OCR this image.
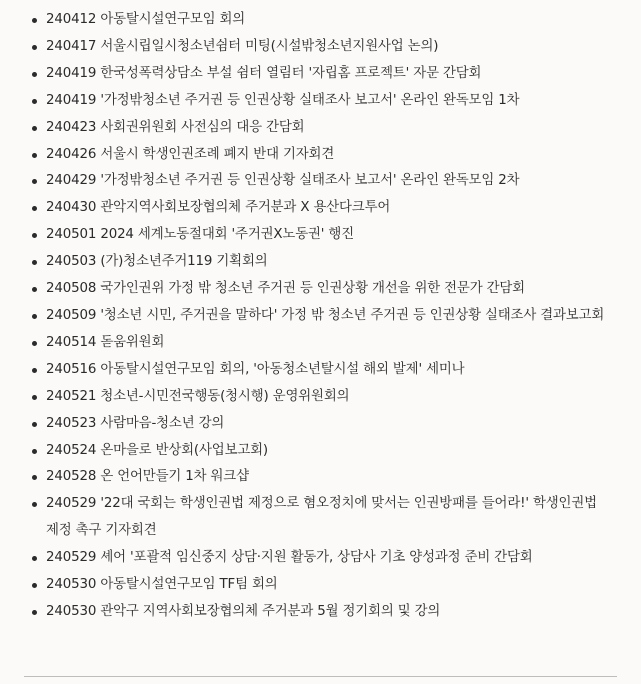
240412 아동탈시설연구모임 회의
240417 서울시립일시청소년쉼터 미팅(시설밖청소년지원사업 논의)
240419 한국성폭력상담소 부설 쉼터 열림터 '자립홈 프로젝트' 자문 간담회
240419 '가정밖청소년 주거권 등 인권상황 실태조사 보고서' 온라인 완독모임 1차
240423 사회권위원회 사전심의 대응 간담회
240426 서울시 학생인권조례 폐지 반대 기자회견
240429 '가정밖청소년 주거권 등 인권상황 실태조사 보고서' 온라인 완독모임 2차
240430 관악지역사회보장협의체 주거분과 X 용산다크투어
240501 2024 세계노동절대회 '주거권X노동권' 행진
240503 (가)청소년주거119 기획회의
240508 국가인권위 가정 밖 청소년 주거권 등 인권상황 개선을 위한 전문가 간담회
240509 '청소년 시민, 주거권을 말하다' 가정 밖 청소년 주거권 등 인권상황 실태조사 결과보고회
240514 돋움위원회
240516 아동탈시설연구모임 회의, '아동청소년탈시설 해외 발제' 세미나
240521 청소년-시민전국행동(청시행) 운영위원회의
240523 사람마음-청소년 강의
240524 온마을로 반상회(사업보고회)
240528 온 언어만들기 1차 워크샵
240529 '22대 국회는 학생인권법 제정으로 혐오정치에 맞서는 인권방패를 들어라!' 학생인권법 제정 촉구 기자회견
240529 셰어 '포괄적 임신중지 상담·지원 활동가, 상담사 기초 양성과정 준비 간담회
240530 아동탈시설연구모임 TF팀 회의
240530 관악구 지역사회보장협의체 주거분과 5월 정기회의 및 강의
